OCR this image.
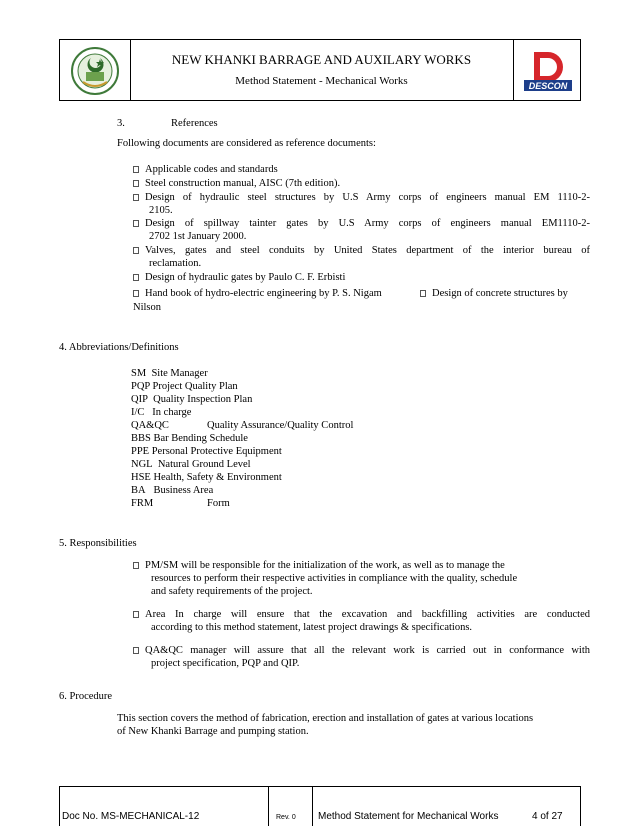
NEW KHANKI BARRAGE AND AUXILARY WORKS
Method Statement - Mechanical Works	DESCON
3.	References
Following documents are considered as reference documents:
Applicable codes and standards
Steel construction manual, AISC (7th edition).
Design of hydraulic steel structures by U.S Army corps of engineers manual EM 1110-2-
2105.
Design of spillway tainter gates by U.S Army corps of engineers manual EM1110-2-
2702 1st January 2000.
Valves, gates and steel conduits by United States department of the interior bureau of
reclamation.
Design of hydraulic gates by Paulo C. F. Erbisti
Hand book of hydro-electric engineering by P. S. Nigam	Design of concrete structures by
Nilson
4. Abbreviations/Definitions
SM Site Manager
PQP Project Quality Plan
QIP Quality Inspection Plan
I/C In charge
QA&QC	Quality Assurance/Quality Control
BBS Bar Bending Schedule
PPE Personal Protective Equipment
NGL Natural Ground Level
HSE Health, Safety & Environment
BA Business Area
FRM	Form
5. Responsibilities
PM/SM will be responsible for the initialization of the work, as well as to manage the
resources to perform their respective activities in compliance with the quality, schedule
and safety requirements of the project.
Area In charge will ensure that the excavation and backfilling activities are conducted
according to this method statement, latest project drawings & specifications.
QA&QC manager will assure that all the relevant work is carried out in conformance with
project specification, PQP and QIP.
6. Procedure
This section covers the method of fabrication, erection and installation of gates at various locations
of New Khanki Barrage and pumping station.
Doc No. MS-MECHANICAL-12	Rev. 0 Method Statement for Mechanical Works	4 of 27
